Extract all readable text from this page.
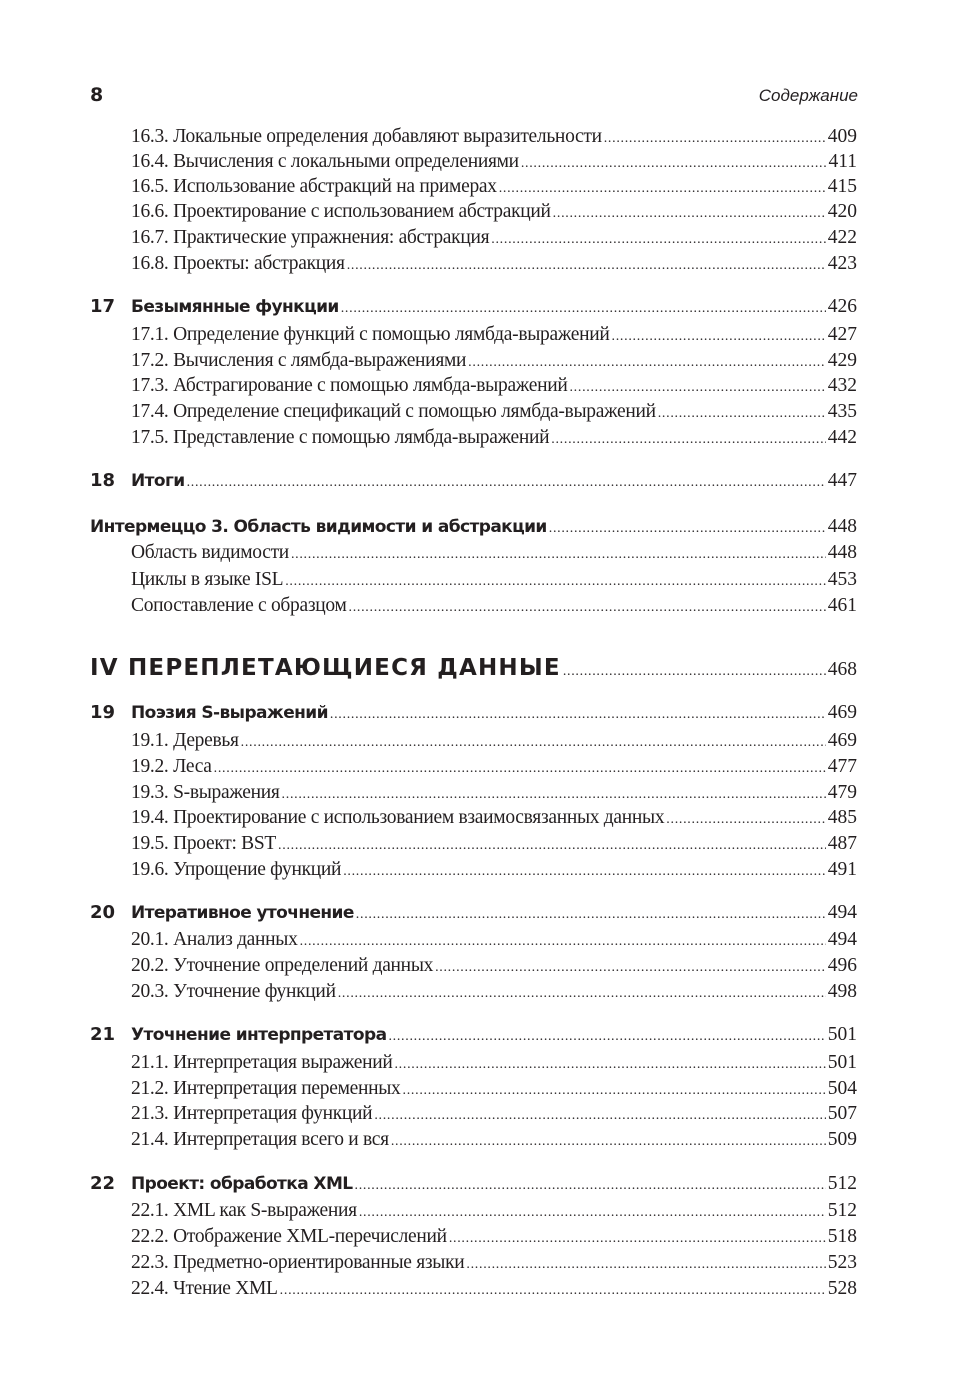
8	Содержание
16.3. Локальные определения добавляют выразительности . . .	409
16.4. Вычисления с локальными определениями . . .	411
16.5. Использование абстракций на примерах . . .	415
16.6. Проектирование с использованием абстракций . . .	420
16.7. Практические упражнения: абстракция . . .	422
16.8. Проекты: абстракция . . .	423
17 Безымянные функции . . .	426
17.1. Определение функций с помощью лямбда-выражений . . .	427
17.2. Вычисления с лямбда-выражениями . . .	429
17.3. Абстрагирование с помощью лямбда-выражений . . .	432
17.4. Определение спецификаций с помощью лямбда-выражений . . .	435
17.5. Представление с помощью лямбда-выражений . . .	442
18 Итоги . . .	447
Интермеццо 3. Область видимости и абстракции . . .	448
Область видимости . . .	448
Циклы в языке ISL . . .	453
Сопоставление с образцом . . .	461
IV ПЕРЕПЛЕТАЮЩИЕСЯ ДАННЫЕ . . .	468
19 Поэзия S-выражений . . .	469
19.1. Деревья . . .	469
19.2. Леса . . .	477
19.3. S-выражения . . .	479
19.4. Проектирование с использованием взаимосвязанных данных . . .	485
19.5. Проект: BST . . .	487
19.6. Упрощение функций . . .	491
20 Итеративное уточнение . . .	494
20.1. Анализ данных . . .	494
20.2. Уточнение определений данных . . .	496
20.3. Уточнение функций . . .	498
21 Уточнение интерпретатора . . .	501
21.1. Интерпретация выражений . . .	501
21.2. Интерпретация переменных . . .	504
21.3. Интерпретация функций . . .	507
21.4. Интерпретация всего и вся . . .	509
22 Проект: обработка XML . . .	512
22.1. XML как S-выражения . . .	512
22.2. Отображение XML-перечислений . . .	518
22.3. Предметно-ориентированные языки . . .	523
22.4. Чтение XML . . .	528
